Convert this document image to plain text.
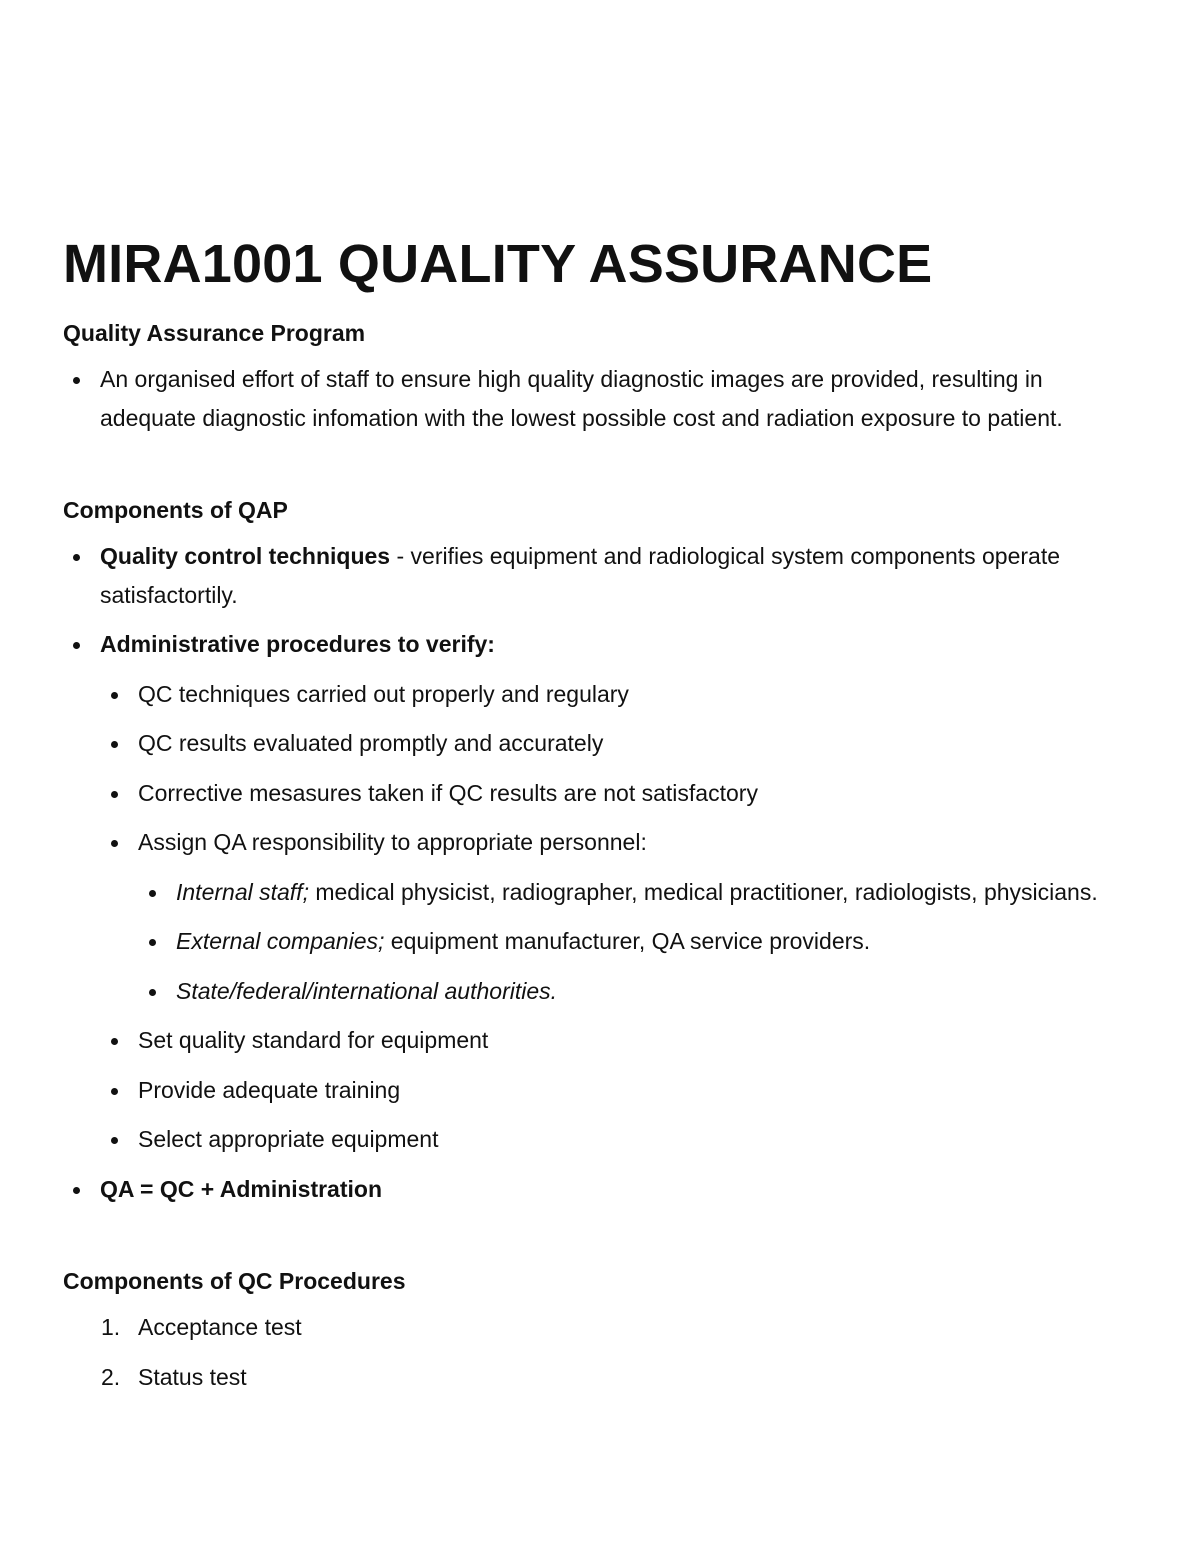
MIRA1001 QUALITY ASSURANCE
Quality Assurance Program
An organised effort of staff to ensure high quality diagnostic images are provided, resulting in adequate diagnostic infomation with the lowest possible cost and radiation exposure to patient.
Components of QAP
Quality control techniques - verifies equipment and radiological system components operate satisfactortily.
Administrative procedures to verify:
QC techniques carried out properly and regulary
QC results evaluated promptly and accurately
Corrective mesasures taken if QC results are not satisfactory
Assign QA responsibility to appropriate personnel:
Internal staff; medical physicist, radiographer, medical practitioner, radiologists, physicians.
External companies; equipment manufacturer, QA service providers.
State/federal/international authorities.
Set quality standard for equipment
Provide adequate training
Select appropriate equipment
QA = QC + Administration
Components of QC Procedures
1. Acceptance test
2. Status test
